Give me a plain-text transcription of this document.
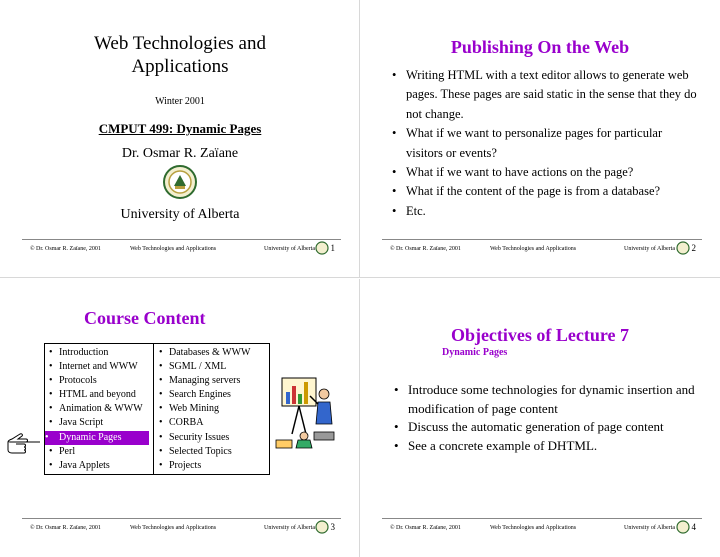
Web Technologies and
Applications
Winter 2001
CMPUT 499: Dynamic Pages
Dr. Osmar R. Zaïane
University of Alberta
© Dr. Osmar R. Zaïane, 2001	Web Technologies and Applications	University of Alberta 1
Publishing On the Web
• Writing HTML with a text editor allows to generate web pages. These pages are said static in the sense that they do not change.
• What if we want to personalize pages for particular visitors or events?
• What if we want to have actions on the page?
• What if the content of the page is from a database?
• Etc.
© Dr. Osmar R. Zaïane, 2001	Web Technologies and Applications	University of Alberta 2
Course Content
• Introduction
• Internet and WWW
• Protocols
• HTML and beyond
• Animation & WWW
• Java Script
• Dynamic Pages
• Perl
• Java Applets
• Databases & WWW
• SGML / XML
• Managing servers
• Search Engines
• Web Mining
• CORBA
• Security Issues
• Selected Topics
• Projects
© Dr. Osmar R. Zaïane, 2001	Web Technologies and Applications	University of Alberta 3
Objectives of Lecture 7
Dynamic Pages
• Introduce some technologies for dynamic insertion and modification of page content
• Discuss the automatic generation of page content
• See a concrete example of DHTML.
© Dr. Osmar R. Zaïane, 2001	Web Technologies and Applications	University of Alberta 4
